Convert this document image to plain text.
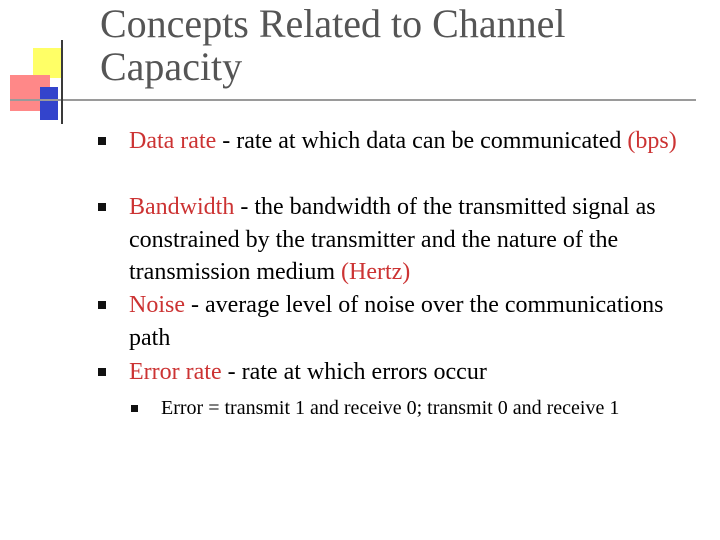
Concepts Related to Channel Capacity
Data rate - rate at which data can be communicated (bps)
Bandwidth - the bandwidth of the transmitted signal as constrained by the transmitter and the nature of the transmission medium (Hertz)
Noise - average level of noise over the communications path
Error rate - rate at which errors occur
Error = transmit 1 and receive 0; transmit 0 and receive 1
